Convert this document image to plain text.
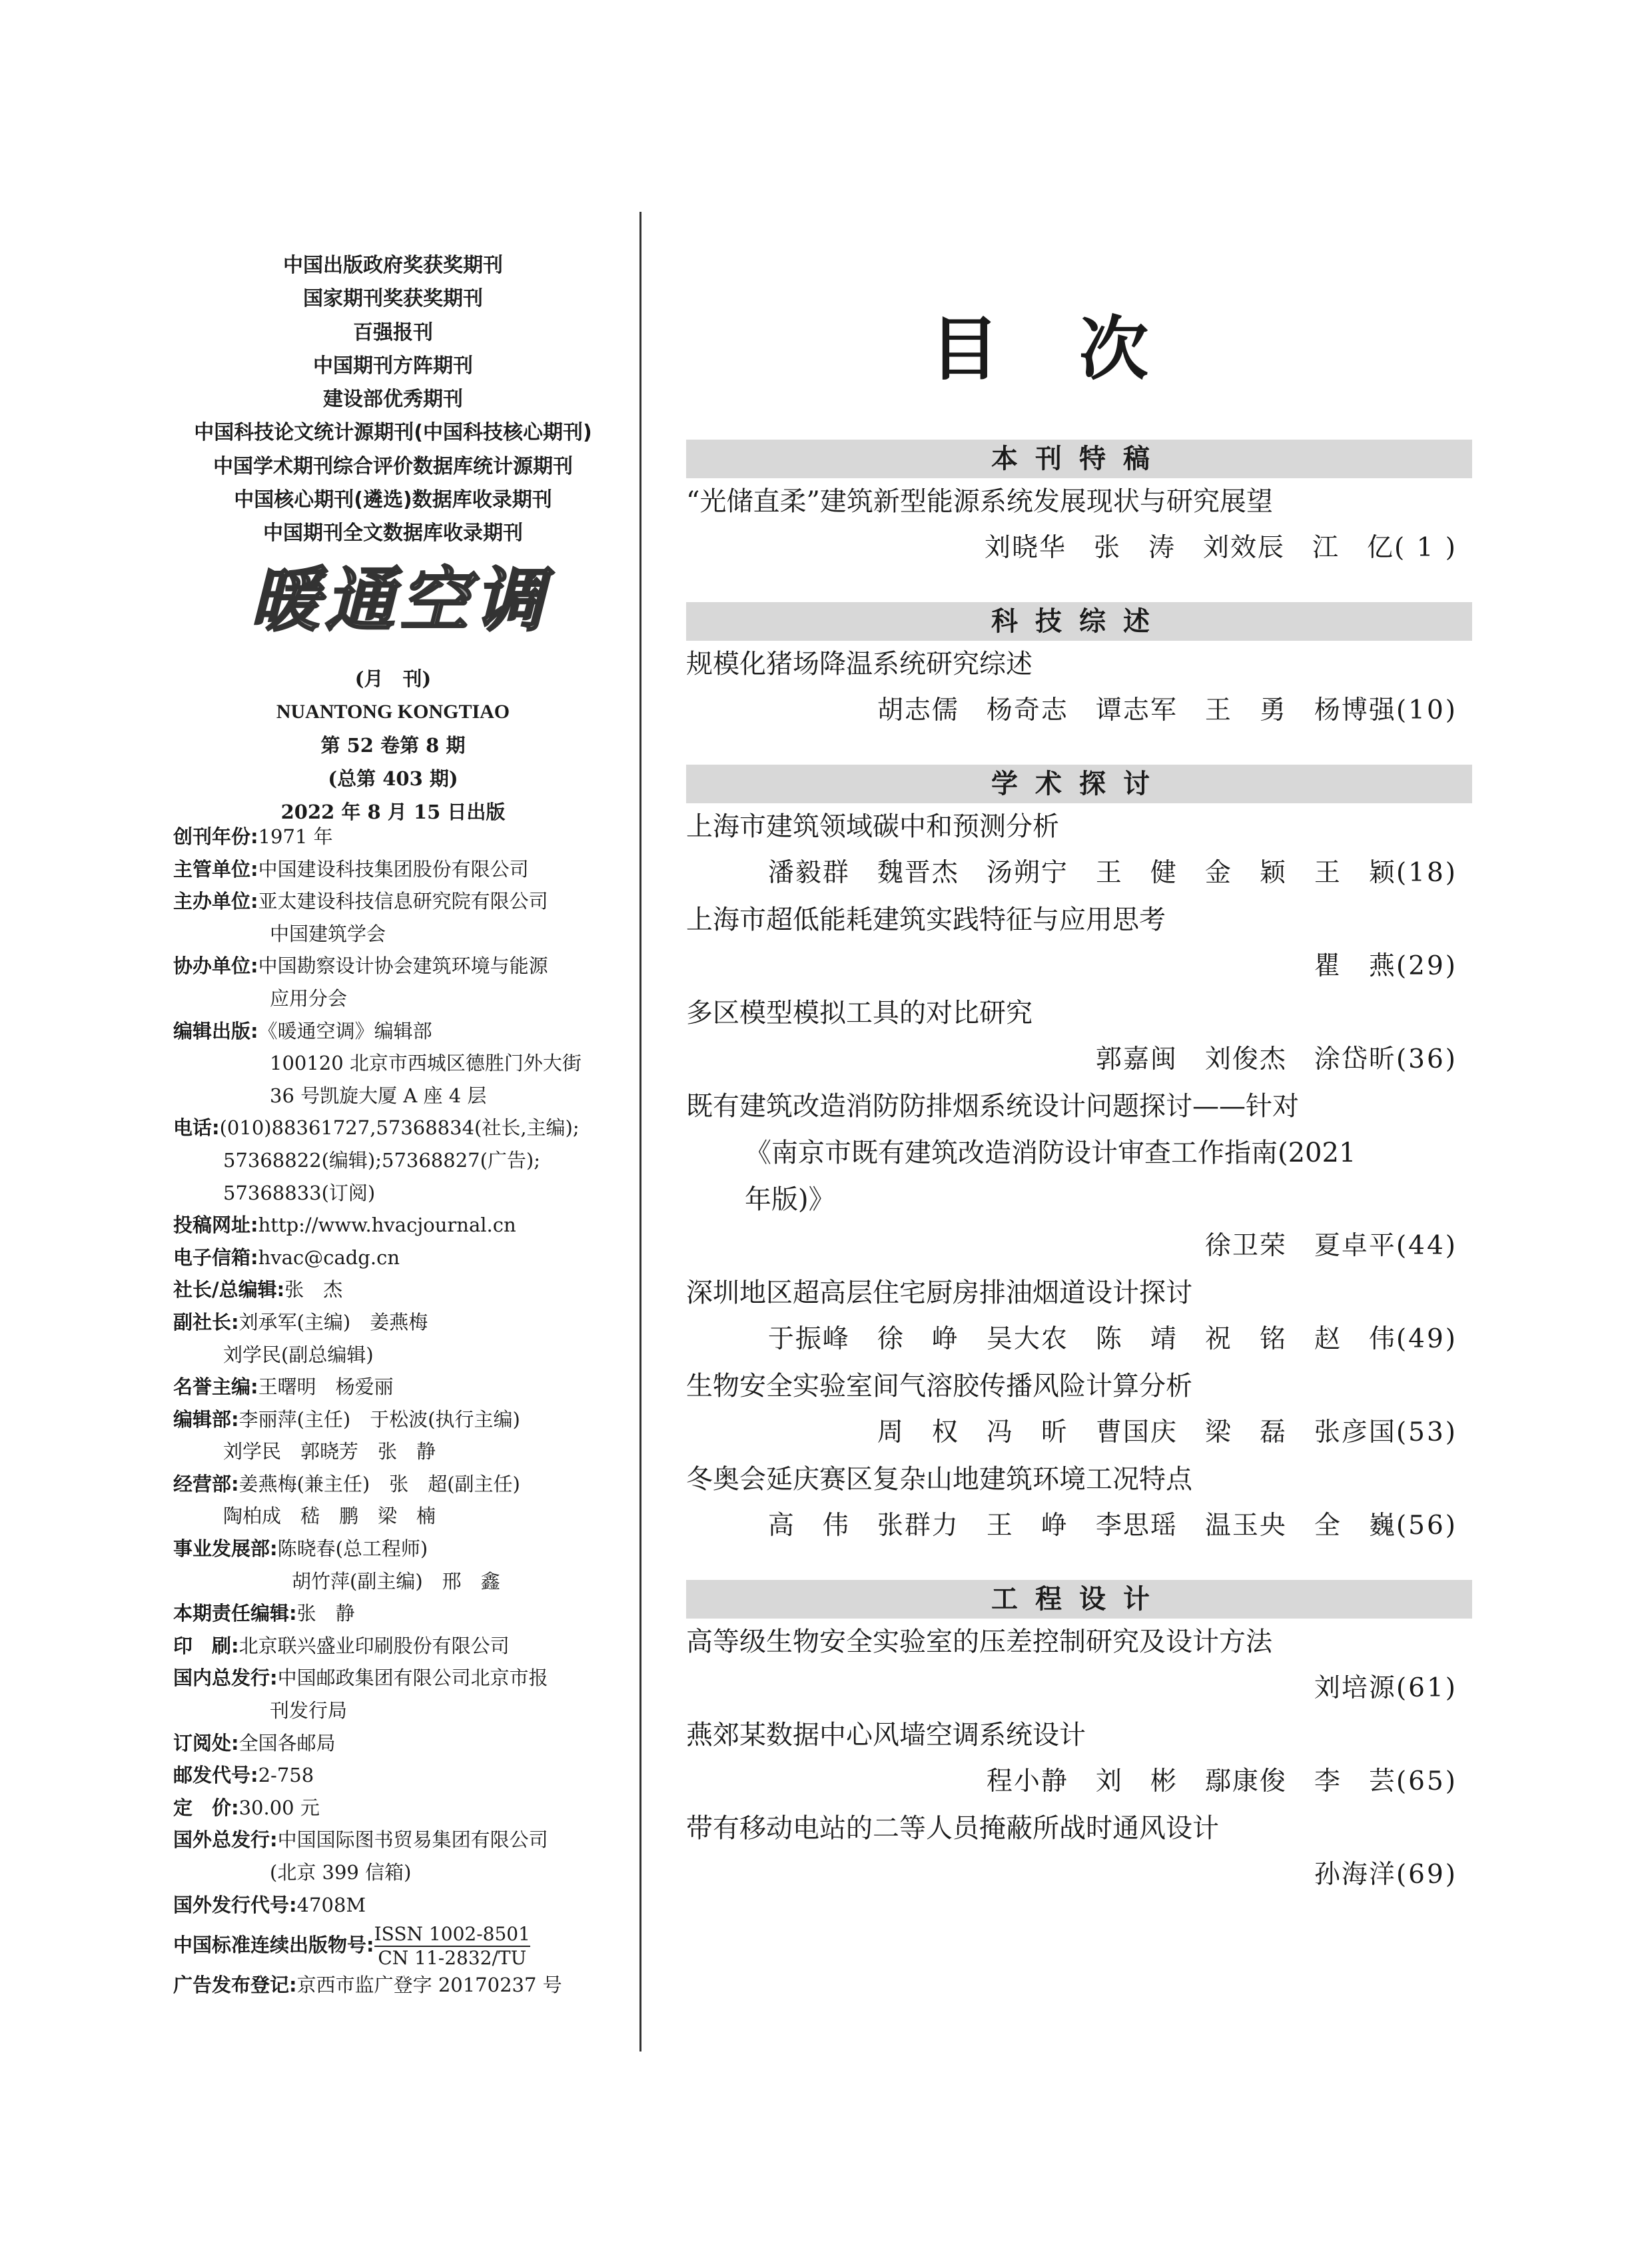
中国出版政府奖获奖期刊
国家期刊奖获奖期刊
百强报刊
中国期刊方阵期刊
建设部优秀期刊
中国科技论文统计源期刊(中国科技核心期刊)
中国学术期刊综合评价数据库统计源期刊
中国核心期刊(遴选)数据库收录期刊
中国期刊全文数据库收录期刊
暖通空调
(月　刊)
NUANTONG KONGTIAO
第 52 卷第 8 期
(总第 403 期)
2022 年 8 月 15 日出版
创刊年份:1971 年
主管单位:中国建设科技集团股份有限公司
主办单位:亚太建设科技信息研究院有限公司
中国建筑学会
协办单位:中国勘察设计协会建筑环境与能源
应用分会
编辑出版:《暖通空调》编辑部
100120 北京市西城区德胜门外大街
36 号凯旋大厦 A 座 4 层
电话:(010)88361727,57368834(社长,主编);
57368822(编辑);57368827(广告);
57368833(订阅)
投稿网址:http://www.hvacjournal.cn
电子信箱:hvac@cadg.cn
社长/总编辑:张　杰
副社长:刘承军(主编)　姜燕梅
刘学民(副总编辑)
名誉主编:王曙明　杨爱丽
编辑部:李丽萍(主任)　于松波(执行主编)
刘学民　郭晓芳　张　静
经营部:姜燕梅(兼主任)　张　超(副主任)
陶柏成　嵇　鹏　梁　楠
事业发展部:陈晓春(总工程师)
胡竹萍(副主编)　邢　鑫
本期责任编辑:张　静
印　刷:北京联兴盛业印刷股份有限公司
国内总发行:中国邮政集团有限公司北京市报
刊发行局
订阅处:全国各邮局
邮发代号:2-758
定　价:30.00 元
国外总发行:中国国际图书贸易集团有限公司
(北京 399 信箱)
国外发行代号:4708M
中国标准连续出版物号: ISSN 1002-8501
CN 11-2832/TU
广告发布登记:京西市监广登字 20170237 号
目次
本刊特稿
“光储直柔”建筑新型能源系统发展现状与研究展望
刘晓华　张　涛　刘效辰　江　亿( 1 )
科技综述
规模化猪场降温系统研究综述
胡志儒　杨奇志　谭志军　王　勇　杨博强(10)
学术探讨
上海市建筑领域碳中和预测分析
潘毅群　魏晋杰　汤朔宁　王　健　金　颖　王　颖(18)
上海市超低能耗建筑实践特征与应用思考
瞿　燕(29)
多区模型模拟工具的对比研究
郭嘉闽　刘俊杰　涂岱昕(36)
既有建筑改造消防防排烟系统设计问题探讨——针对
《南京市既有建筑改造消防设计审查工作指南(2021
年版)》
徐卫荣　夏卓平(44)
深圳地区超高层住宅厨房排油烟道设计探讨
于振峰　徐　峥　吴大农　陈　靖　祝　铭　赵　伟(49)
生物安全实验室间气溶胶传播风险计算分析
周　权　冯　昕　曹国庆　梁　磊　张彦国(53)
冬奥会延庆赛区复杂山地建筑环境工况特点
高　伟　张群力　王　峥　李思瑶　温玉央　全　巍(56)
工程设计
高等级生物安全实验室的压差控制研究及设计方法
刘培源(61)
燕郊某数据中心风墙空调系统设计
程小静　刘　彬　鄢康俊　李　芸(65)
带有移动电站的二等人员掩蔽所战时通风设计
孙海洋(69)
